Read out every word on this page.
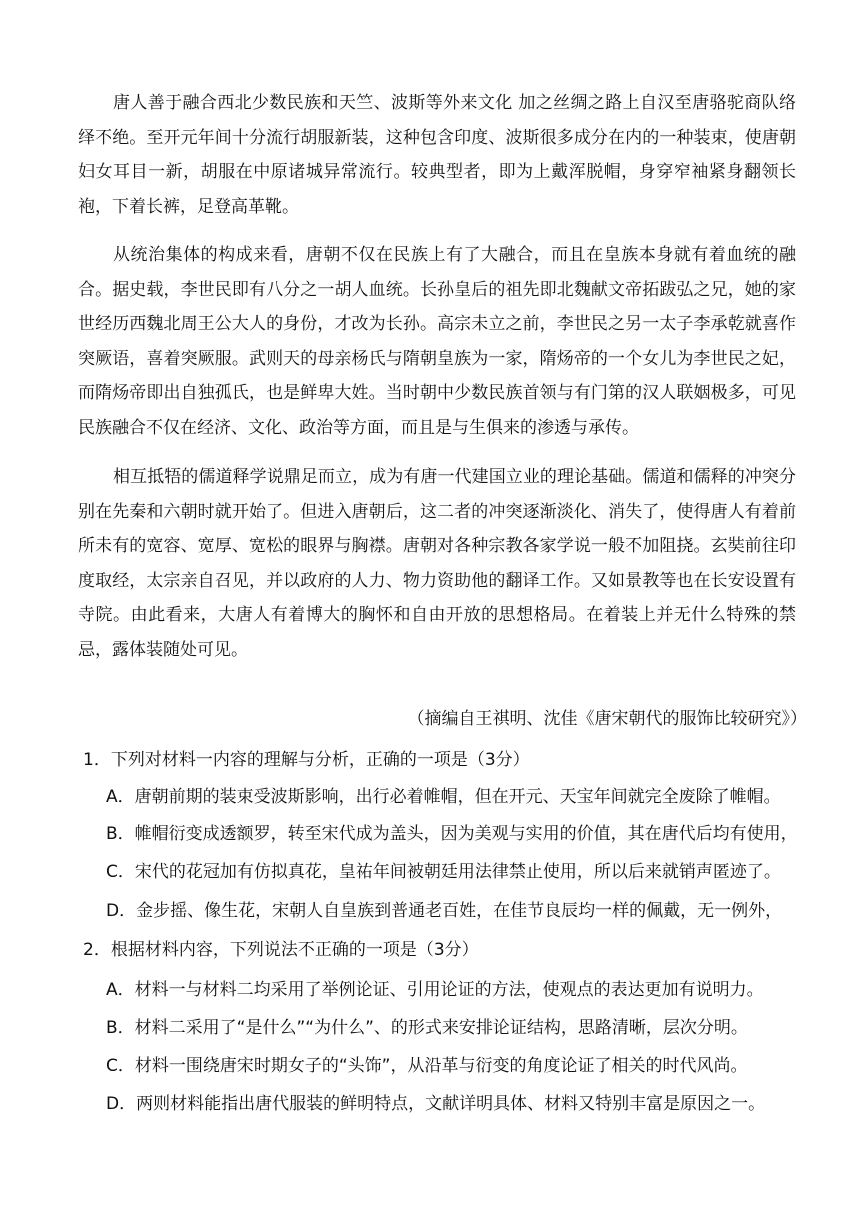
唐人善于融合西北少数民族和天竺、波斯等外来文化 加之丝绸之路上自汉至唐骆驼商队络绎不绝。至开元年间十分流行胡服新装，这种包含印度、波斯很多成分在内的一种装束，使唐朝妇女耳目一新，胡服在中原诸城异常流行。较典型者，即为上戴浑脱帽，身穿窄袖紧身翻领长袍，下着长裤，足登高革靴。

从统治集体的构成来看，唐朝不仅在民族上有了大融合，而且在皇族本身就有着血统的融合。据史载，李世民即有八分之一胡人血统。长孙皇后的祖先即北魏献文帝拓跋弘之兄，她的家世经历西魏北周王公大人的身份，才改为长孙。高宗未立之前，李世民之另一太子李承乾就喜作突厥语，喜着突厥服。武则天的母亲杨氏与隋朝皇族为一家，隋炀帝的一个女儿为李世民之妃，而隋炀帝即出自独孤氏，也是鲜卑大姓。当时朝中少数民族首领与有门第的汉人联姻极多，可见民族融合不仅在经济、文化、政治等方面，而且是与生俱来的渗透与承传。

相互抵牾的儒道释学说鼎足而立，成为有唐一代建国立业的理论基础。儒道和儒释的冲突分别在先秦和六朝时就开始了。但进入唐朝后，这二者的冲突逐渐淡化、消失了，使得唐人有着前所未有的宽容、宽厚、宽松的眼界与胸襟。唐朝对各种宗教各家学说一般不加阻挠。玄奘前往印度取经，太宗亲自召见，并以政府的人力、物力资助他的翻译工作。又如景教等也在长安设置有寺院。由此看来，大唐人有着博大的胸怀和自由开放的思想格局。在着装上并无什么特殊的禁忌，露体装随处可见。

（摘编自王祺明、沈佳《唐宋朝代的服饰比较研究》）

1．下列对材料一内容的理解与分析，正确的一项是（3分）

A．唐朝前期的装束受波斯影响，出行必着帷帽，但在开元、天宝年间就完全废除了帷帽。

B．帷帽衍变成透额罗，转至宋代成为盖头，因为美观与实用的价值，其在唐代后均有使用，

C．宋代的花冠加有仿拟真花，皇祐年间被朝廷用法律禁止使用，所以后来就销声匿迹了。

D．金步摇、像生花，宋朝人自皇族到普通老百姓，在佳节良辰均一样的佩戴，无一例外，

2．根据材料内容，下列说法不正确的一项是（3分）

A．材料一与材料二均采用了举例论证、引用论证的方法，使观点的表达更加有说明力。

B．材料二采用了“是什么”“为什么”、的形式来安排论证结构，思路清晰，层次分明。

C．材料一围绕唐宋时期女子的“头饰”，从沿革与衍变的角度论证了相关的时代风尚。

D．两则材料能指出唐代服装的鲜明特点，文献详明具体、材料又特别丰富是原因之一。
